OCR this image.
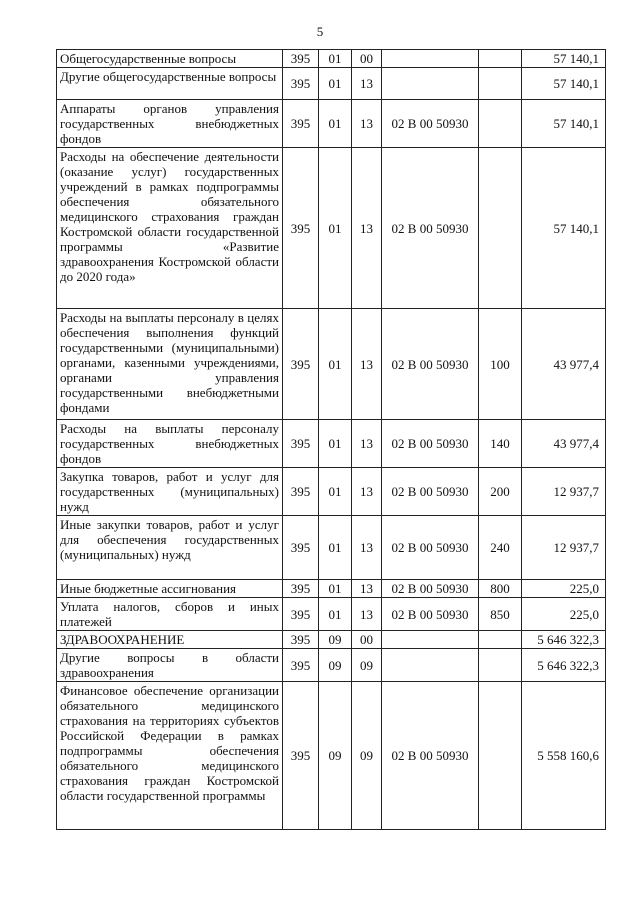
5
Общегосударственные вопросы	395	01	00			57 140,1
Другие общегосударственные вопросы	395	01	13			57 140,1
Аппараты органов управления государственных внебюджетных фондов	395	01	13	02 В 00 50930		57 140,1
Расходы на обеспечение деятельности (оказание услуг) государственных учреждений в рамках подпрограммы обеспечения обязательного медицинского страхования граждан Костромской области государственной программы «Развитие здравоохранения Костромской области до 2020 года»	395	01	13	02 В 00 50930		57 140,1
Расходы на выплаты персоналу в целях обеспечения выполнения функций государственными (муниципальными) органами, казенными учреждениями, органами управления государственными внебюджетными фондами	395	01	13	02 В 00 50930	100	43 977,4
Расходы на выплаты персоналу государственных внебюджетных фондов	395	01	13	02 В 00 50930	140	43 977,4
Закупка товаров, работ и услуг для государственных (муниципальных) нужд	395	01	13	02 В 00 50930	200	12 937,7
Иные закупки товаров, работ и услуг для обеспечения государственных (муниципальных) нужд	395	01	13	02 В 00 50930	240	12 937,7
Иные бюджетные ассигнования	395	01	13	02 В 00 50930	800	225,0
Уплата налогов, сборов и иных платежей	395	01	13	02 В 00 50930	850	225,0
ЗДРАВООХРАНЕНИЕ	395	09	00			5 646 322,3
Другие вопросы в области здравоохранения	395	09	09			5 646 322,3
Финансовое обеспечение организации обязательного медицинского страхования на территориях субъектов Российской Федерации в рамках подпрограммы обеспечения обязательного медицинского страхования граждан Костромской области государственной программы	395	09	09	02 В 00 50930		5 558 160,6
